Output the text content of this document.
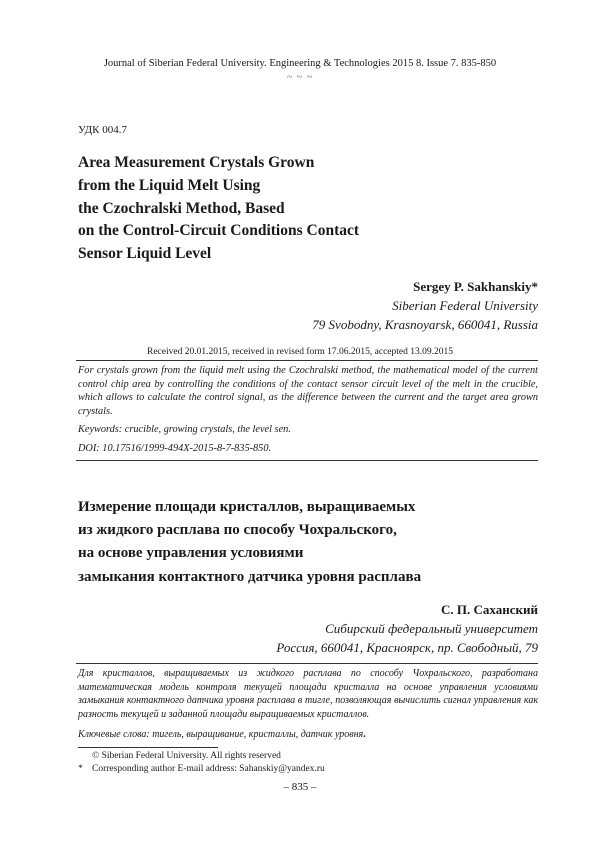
Journal of Siberian Federal University. Engineering & Technologies 2015 8. Issue 7. 835-850
~ ~ ~
УДК 004.7
Area Measurement Crystals Grown
from the Liquid Melt Using
the Czochralski Method, Based
on the Control-Circuit Conditions Contact
Sensor Liquid Level
Sergey P. Sakhanskiy*
Siberian Federal University
79 Svobodny, Krasnoyarsk, 660041, Russia
Received 20.01.2015, received in revised form 17.06.2015, accepted 13.09.2015
For crystals grown from the liquid melt using the Czochralski method, the mathematical model of the current control chip area by controlling the conditions of the contact sensor circuit level of the melt in the crucible, which allows to calculate the control signal, as the difference between the current and the target area grown crystals.
Keywords: crucible, growing crystals, the level sen.
DOI: 10.17516/1999-494X-2015-8-7-835-850.
Измерение площади кристаллов, выращиваемых
из жидкого расплава по способу Чохральского,
на основе управления условиями
замыкания контактного датчика уровня расплава
С. П. Саханский
Сибирский федеральный университет
Россия, 660041, Красноярск, пр. Свободный, 79
Для кристаллов, выращиваемых из жидкого расплава по способу Чохральского, разработана математическая модель контроля текущей площади кристалла на основе управления условиями замыкания контактного датчика уровня расплава в тигле, позволяющая вычислить сигнал управления как разность текущей и заданной площади выращиваемых кристаллов.
Ключевые слова: тигель, выращивание, кристаллы, датчик уровня.
© Siberian Federal University. All rights reserved
* Corresponding author E-mail address: Sahanskiy@yandex.ru
– 835 –
